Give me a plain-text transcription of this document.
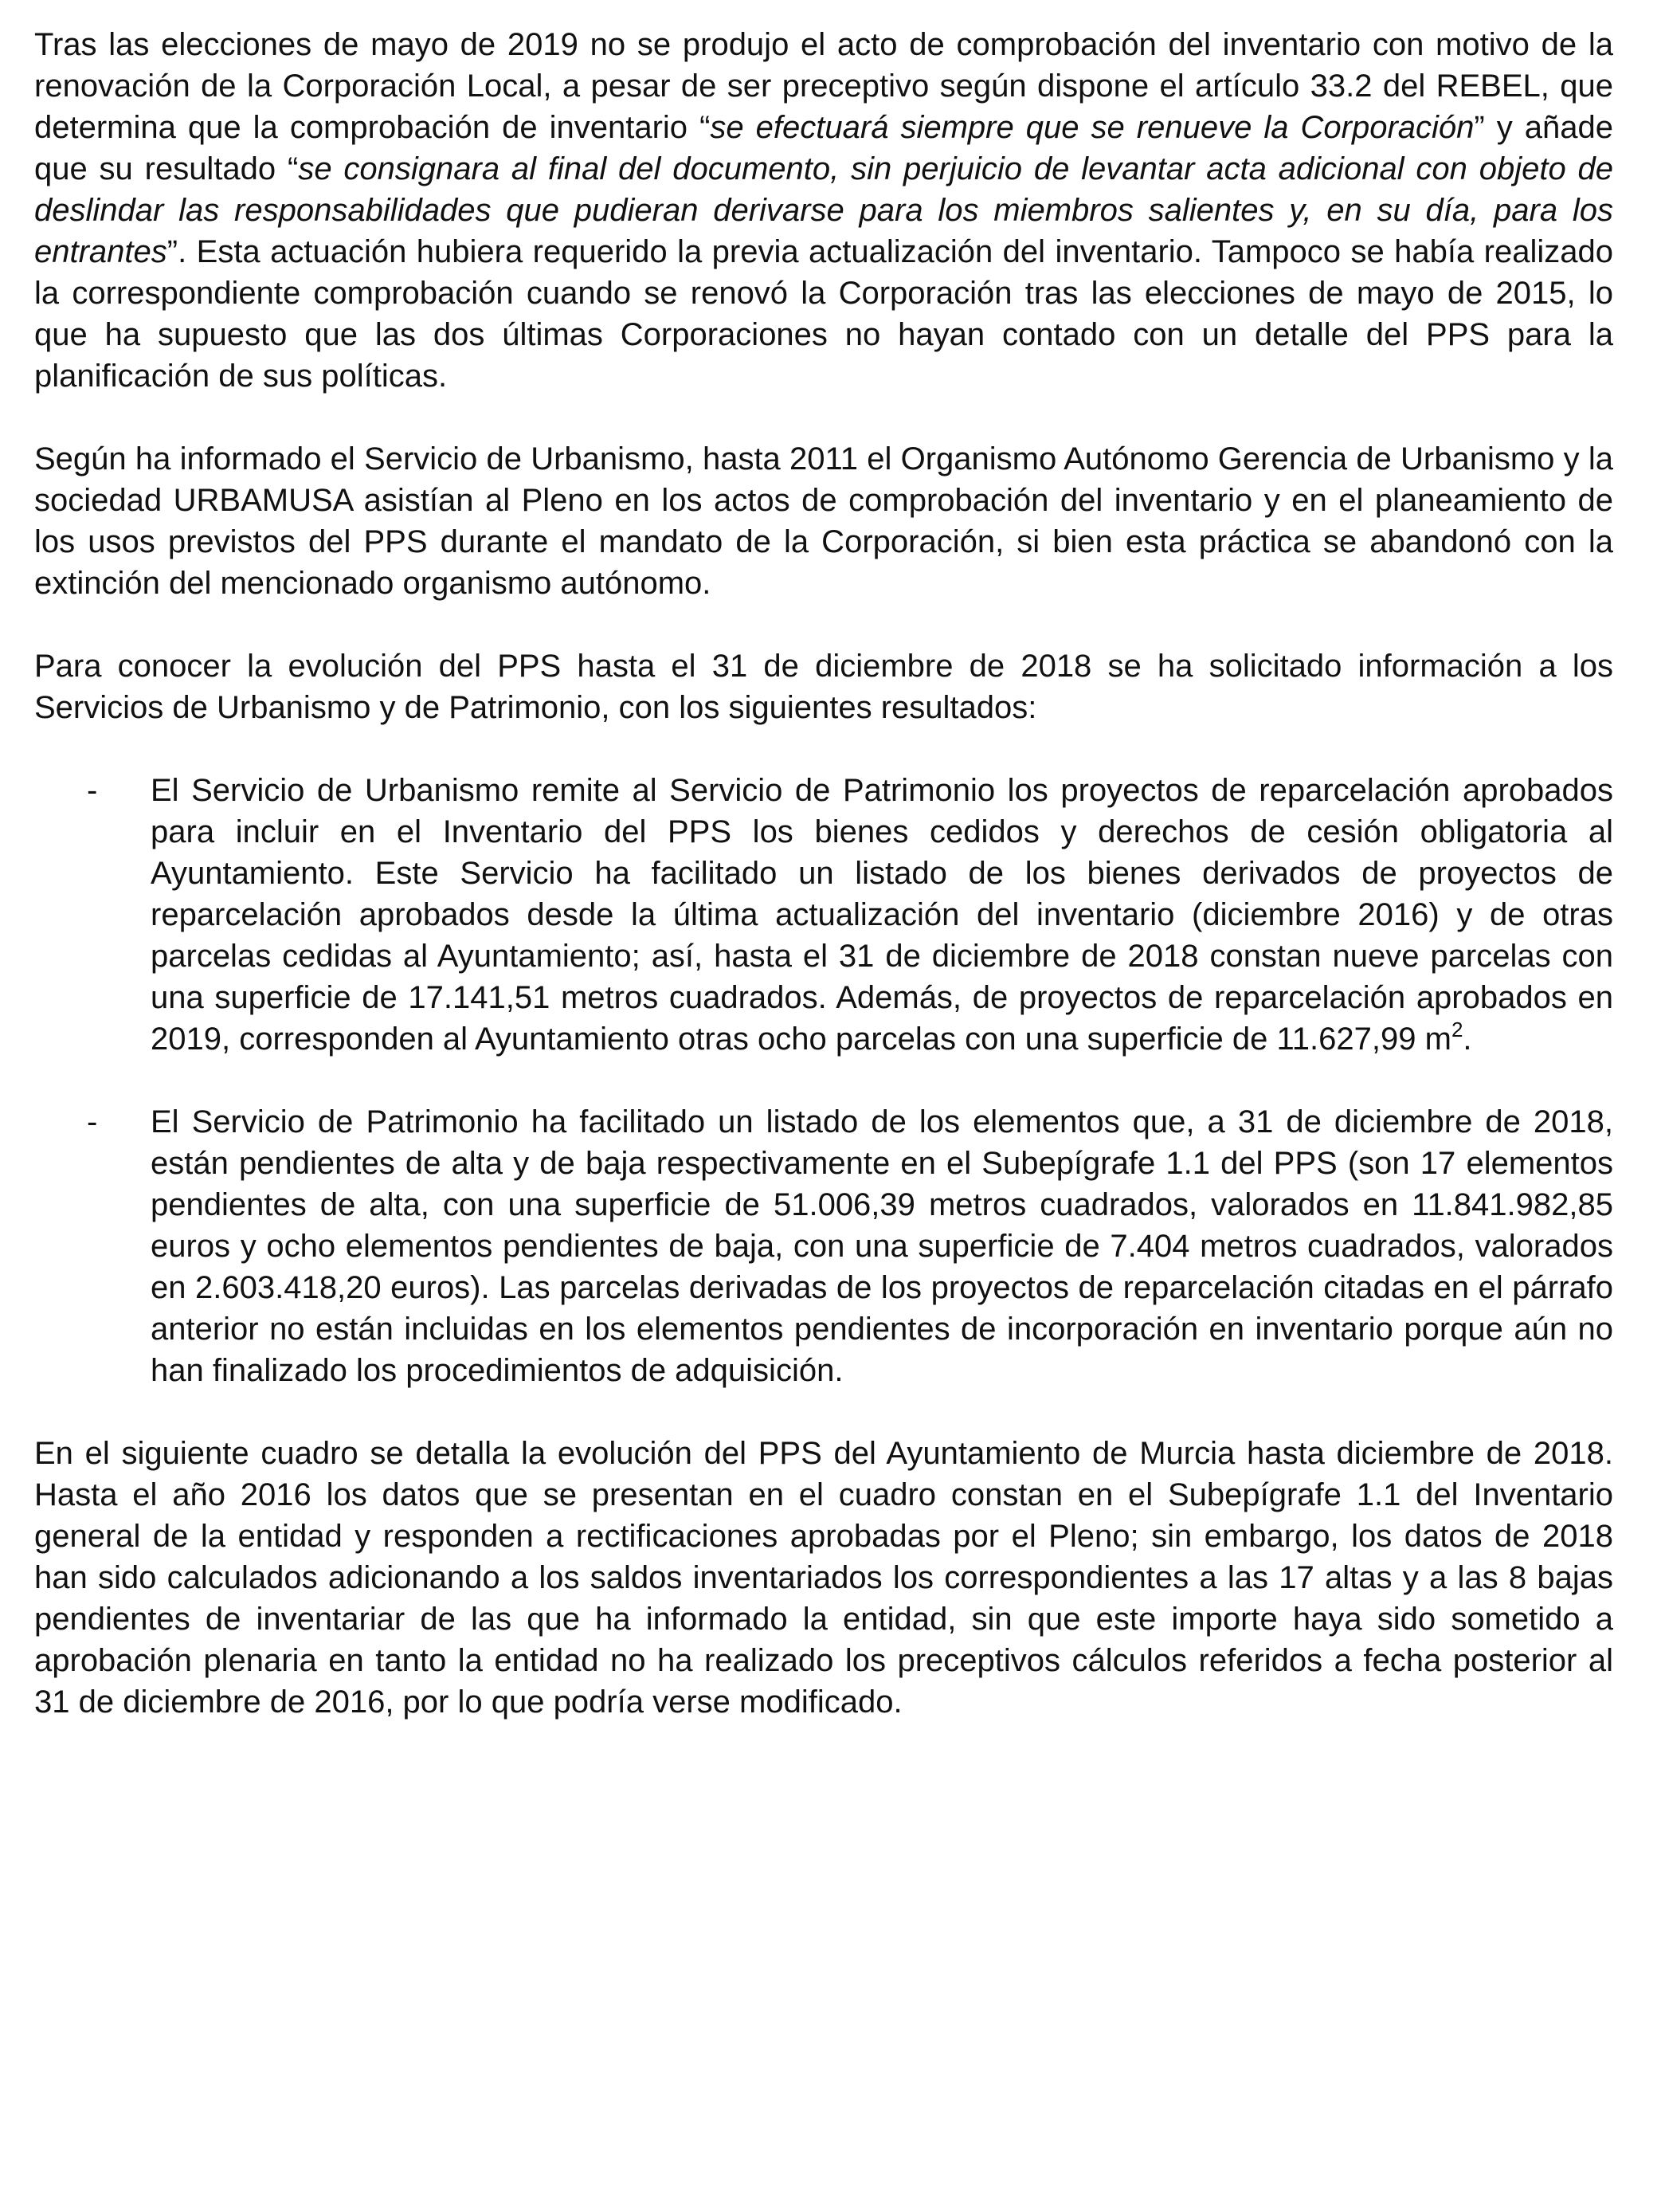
Tras las elecciones de mayo de 2019 no se produjo el acto de comprobación del inventario con motivo de la renovación de la Corporación Local, a pesar de ser preceptivo según dispone el artículo 33.2 del REBEL, que determina que la comprobación de inventario “se efectuará siempre que se renueve la Corporación” y añade que su resultado “se consignara al final del documento, sin perjuicio de levantar acta adicional con objeto de deslindar las responsabilidades que pudieran derivarse para los miembros salientes y, en su día, para los entrantes”. Esta actuación hubiera requerido la previa actualización del inventario. Tampoco se había realizado la correspondiente comprobación cuando se renovó la Corporación tras las elecciones de mayo de 2015, lo que ha supuesto que las dos últimas Corporaciones no hayan contado con un detalle del PPS para la planificación de sus políticas.

Según ha informado el Servicio de Urbanismo, hasta 2011 el Organismo Autónomo Gerencia de Urbanismo y la sociedad URBAMUSA asistían al Pleno en los actos de comprobación del inventario y en el planeamiento de los usos previstos del PPS durante el mandato de la Corporación, si bien esta práctica se abandonó con la extinción del mencionado organismo autónomo.

Para conocer la evolución del PPS hasta el 31 de diciembre de 2018 se ha solicitado información a los Servicios de Urbanismo y de Patrimonio, con los siguientes resultados:

-	El Servicio de Urbanismo remite al Servicio de Patrimonio los proyectos de reparcelación aprobados para incluir en el Inventario del PPS los bienes cedidos y derechos de cesión obligatoria al Ayuntamiento. Este Servicio ha facilitado un listado de los bienes derivados de proyectos de reparcelación aprobados desde la última actualización del inventario (diciembre 2016) y de otras parcelas cedidas al Ayuntamiento; así, hasta el 31 de diciembre de 2018 constan nueve parcelas con una superficie de 17.141,51 metros cuadrados. Además, de proyectos de reparcelación aprobados en 2019, corresponden al Ayuntamiento otras ocho parcelas con una superficie de 11.627,99 $m^2$.
-	El Servicio de Patrimonio ha facilitado un listado de los elementos que, a 31 de diciembre de 2018, están pendientes de alta y de baja respectivamente en el Subepígrafe 1.1 del PPS (son 17 elementos pendientes de alta, con una superficie de 51.006,39 metros cuadrados, valorados en 11.841.982,85 euros y ocho elementos pendientes de baja, con una superficie de 7.404 metros cuadrados, valorados en 2.603.418,20 euros). Las parcelas derivadas de los proyectos de reparcelación citadas en el párrafo anterior no están incluidas en los elementos pendientes de incorporación en inventario porque aún no han finalizado los procedimientos de adquisición.

En el siguiente cuadro se detalla la evolución del PPS del Ayuntamiento de Murcia hasta diciembre de 2018. Hasta el año 2016 los datos que se presentan en el cuadro constan en el Subepígrafe 1.1 del Inventario general de la entidad y responden a rectificaciones aprobadas por el Pleno; sin embargo, los datos de 2018 han sido calculados adicionando a los saldos inventariados los correspondientes a las 17 altas y a las 8 bajas pendientes de inventariar de las que ha informado la entidad, sin que este importe haya sido sometido a aprobación plenaria en tanto la entidad no ha realizado los preceptivos cálculos referidos a fecha posterior al 31 de diciembre de 2016, por lo que podría verse modificado.
